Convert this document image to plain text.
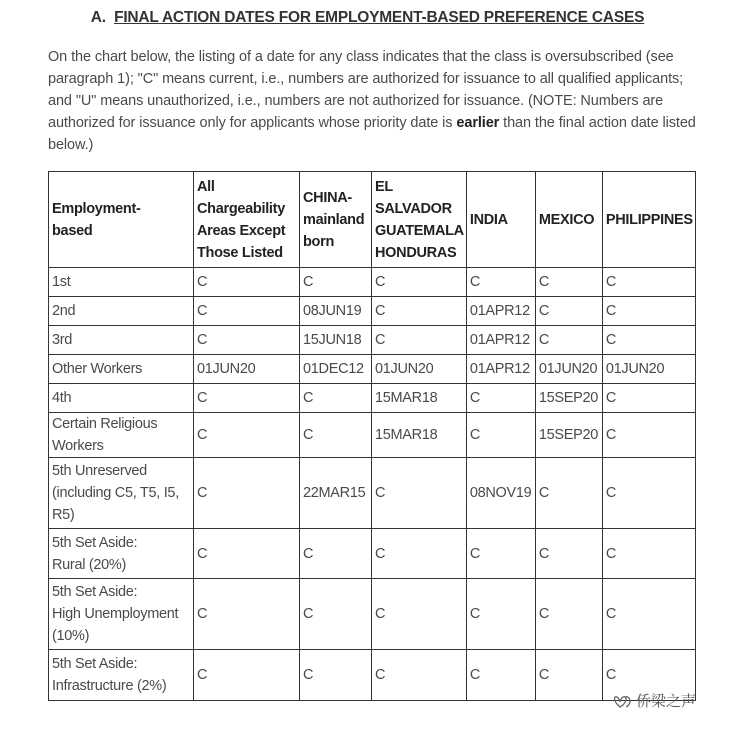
A.  FINAL ACTION DATES FOR EMPLOYMENT-BASED PREFERENCE CASES
On the chart below, the listing of a date for any class indicates that the class is oversubscribed (see paragraph 1); "C" means current, i.e., numbers are authorized for issuance to all qualified applicants; and "U" means unauthorized, i.e., numbers are not authorized for issuance. (NOTE: Numbers are authorized for issuance only for applicants whose priority date is earlier than the final action date listed below.)
Employment-
based	All
Chargeability
Areas Except
Those Listed	CHINA-
mainland
born	EL
SALVADOR
GUATEMALA
HONDURAS	INDIA	MEXICO	PHILIPPINES
1st	C	C	C	C	C	C
2nd	C	08JUN19	C	01APR12	C	C
3rd	C	15JUN18	C	01APR12	C	C
Other Workers	01JUN20	01DEC12	01JUN20	01APR12	01JUN20	01JUN20
4th	C	C	15MAR18	C	15SEP20	C
Certain Religious
Workers	C	C	15MAR18	C	15SEP20	C
5th Unreserved
(including C5, T5, I5,
R5)	C	22MAR15	C	08NOV19	C	C
5th Set Aside:
Rural (20%)	C	C	C	C	C	C
5th Set Aside:
High Unemployment
(10%)	C	C	C	C	C	C
5th Set Aside:
Infrastructure (2%)	C	C	C	C	C	C
侨梁之声
